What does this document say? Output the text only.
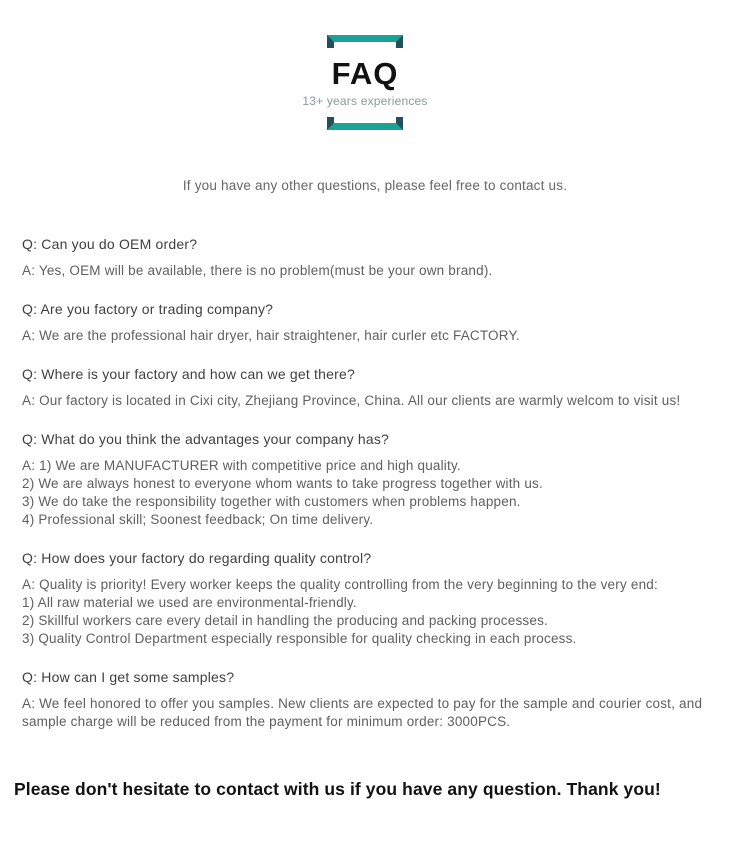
FAQ
13+ years experiences

If you have any other questions, please feel free to contact us.

Q: Can you do OEM order?
A: Yes, OEM will be available, there is no problem(must be your own brand).
Q: Are you factory or trading company?
A: We are the professional hair dryer, hair straightener, hair curler etc FACTORY.
Q: Where is your factory and how can we get there?
A: Our factory is located in Cixi city, Zhejiang Province, China. All our clients are warmly welcom to visit us!
Q: What do you think the advantages your company has?
A: 1) We are MANUFACTURER with competitive price and high quality.
2) We are always honest to everyone whom wants to take progress together with us.
3) We do take the responsibility together with customers when problems happen.
4) Professional skill; Soonest feedback; On time delivery.
Q: How does your factory do regarding quality control?
A: Quality is priority! Every worker keeps the quality controlling from the very beginning to the very end:
1) All raw material we used are environmental-friendly.
2) Skillful workers care every detail in handling the producing and packing processes.
3) Quality Control Department especially responsible for quality checking in each process.
Q: How can I get some samples?
A: We feel honored to offer you samples. New clients are expected to pay for the sample and courier cost, and sample charge will be reduced from the payment for minimum order: 3000PCS.

Please don't hesitate to contact with us if you have any question. Thank you!
